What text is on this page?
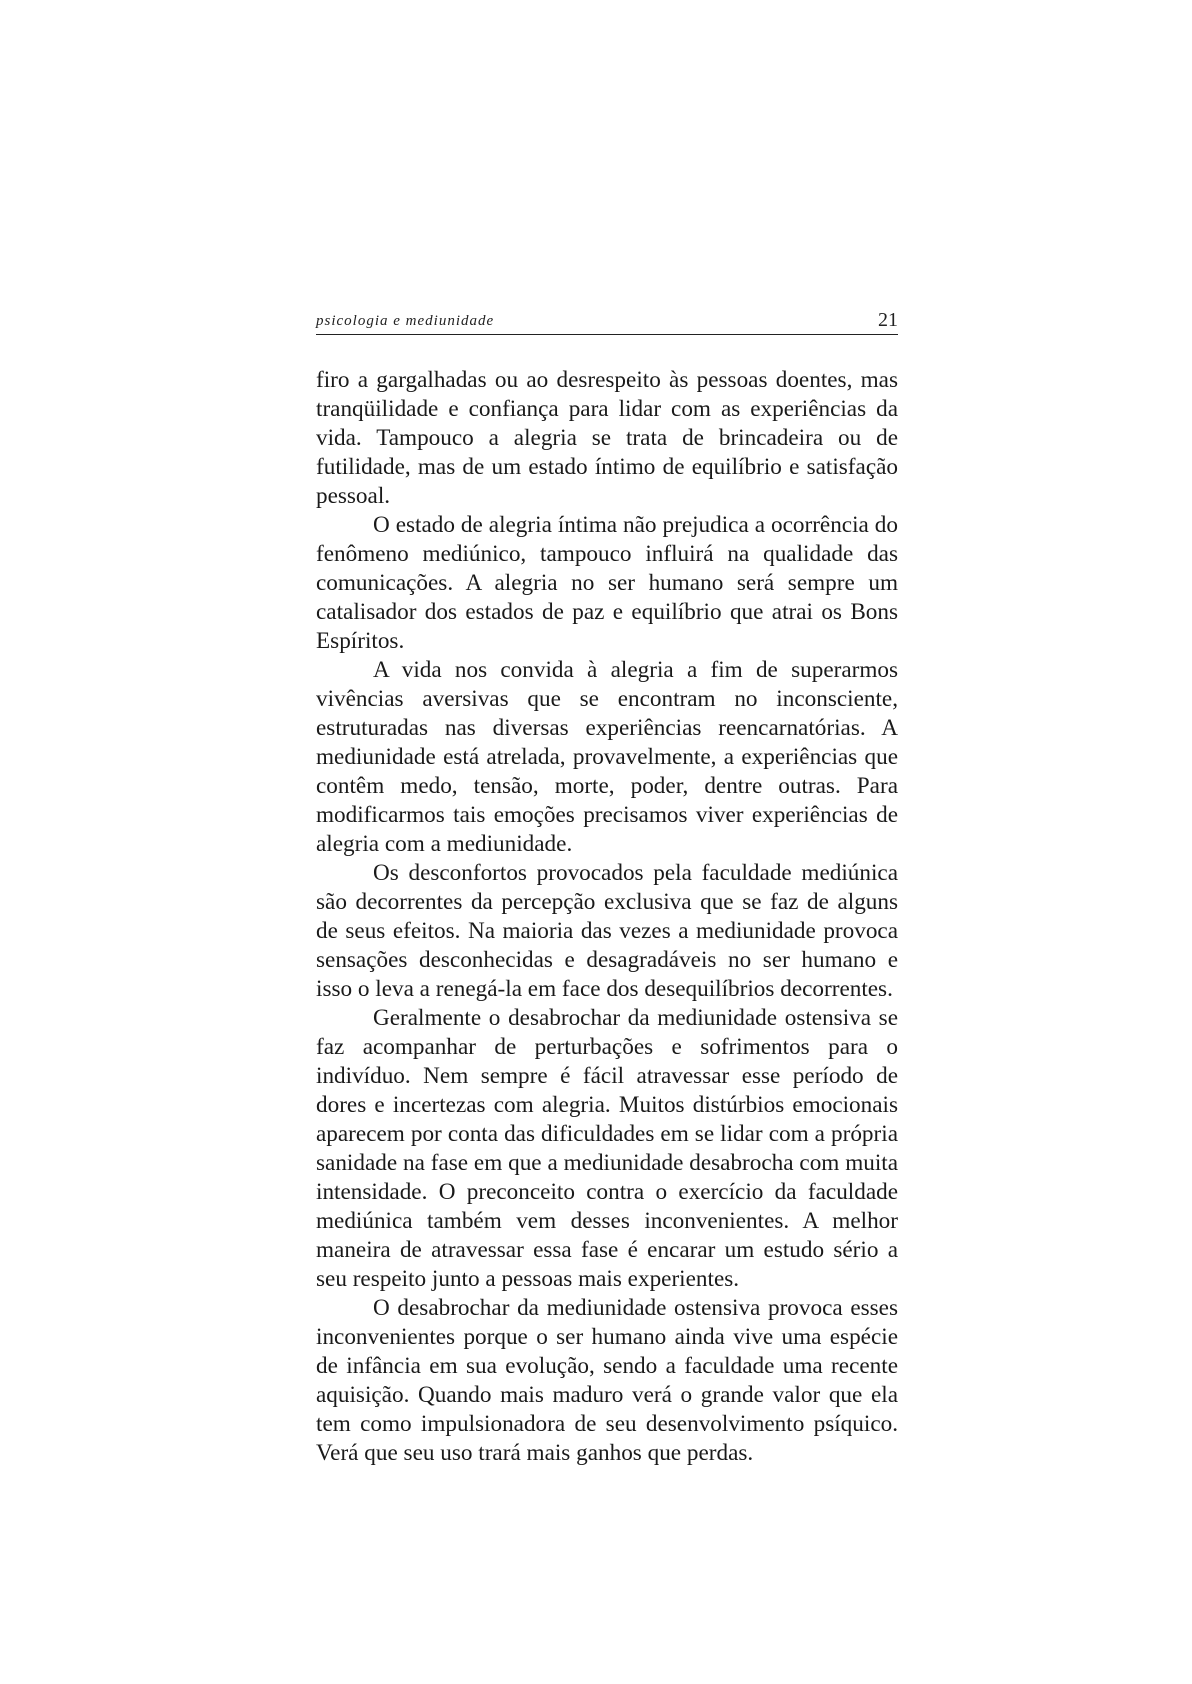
psicologia e mediunidade	21

firo a gargalhadas ou ao desrespeito às pessoas doentes, mas tranqüilidade e confiança para lidar com as experiências da vida. Tampouco a alegria se trata de brincadeira ou de futilidade, mas de um estado íntimo de equilíbrio e satisfação pessoal.

O estado de alegria íntima não prejudica a ocorrência do fenômeno mediúnico, tampouco influirá na qualidade das comunicações. A alegria no ser humano será sempre um catalisador dos estados de paz e equilíbrio que atrai os Bons Espíritos.

A vida nos convida à alegria a fim de superarmos vivências aversivas que se encontram no inconsciente, estruturadas nas diversas experiências reencarnatórias. A mediunidade está atrelada, provavelmente, a experiências que contêm medo, tensão, morte, poder, dentre outras. Para modificarmos tais emoções precisamos viver experiências de alegria com a mediunidade.

Os desconfortos provocados pela faculdade mediúnica são decorrentes da percepção exclusiva que se faz de alguns de seus efeitos. Na maioria das vezes a mediunidade provoca sensações desconhecidas e desagradáveis no ser humano e isso o leva a renegá-la em face dos desequilíbrios decorrentes.

Geralmente o desabrochar da mediunidade ostensiva se faz acompanhar de perturbações e sofrimentos para o indivíduo. Nem sempre é fácil atravessar esse período de dores e incertezas com alegria. Muitos distúrbios emocionais aparecem por conta das dificuldades em se lidar com a própria sanidade na fase em que a mediunidade desabrocha com muita intensidade. O preconceito contra o exercício da faculdade mediúnica também vem desses inconvenientes. A melhor maneira de atravessar essa fase é encarar um estudo sério a seu respeito junto a pessoas mais experientes.

O desabrochar da mediunidade ostensiva provoca esses inconvenientes porque o ser humano ainda vive uma espécie de infância em sua evolução, sendo a faculdade uma recente aquisição. Quando mais maduro verá o grande valor que ela tem como impulsionadora de seu desenvolvimento psíquico. Verá que seu uso trará mais ganhos que perdas.
